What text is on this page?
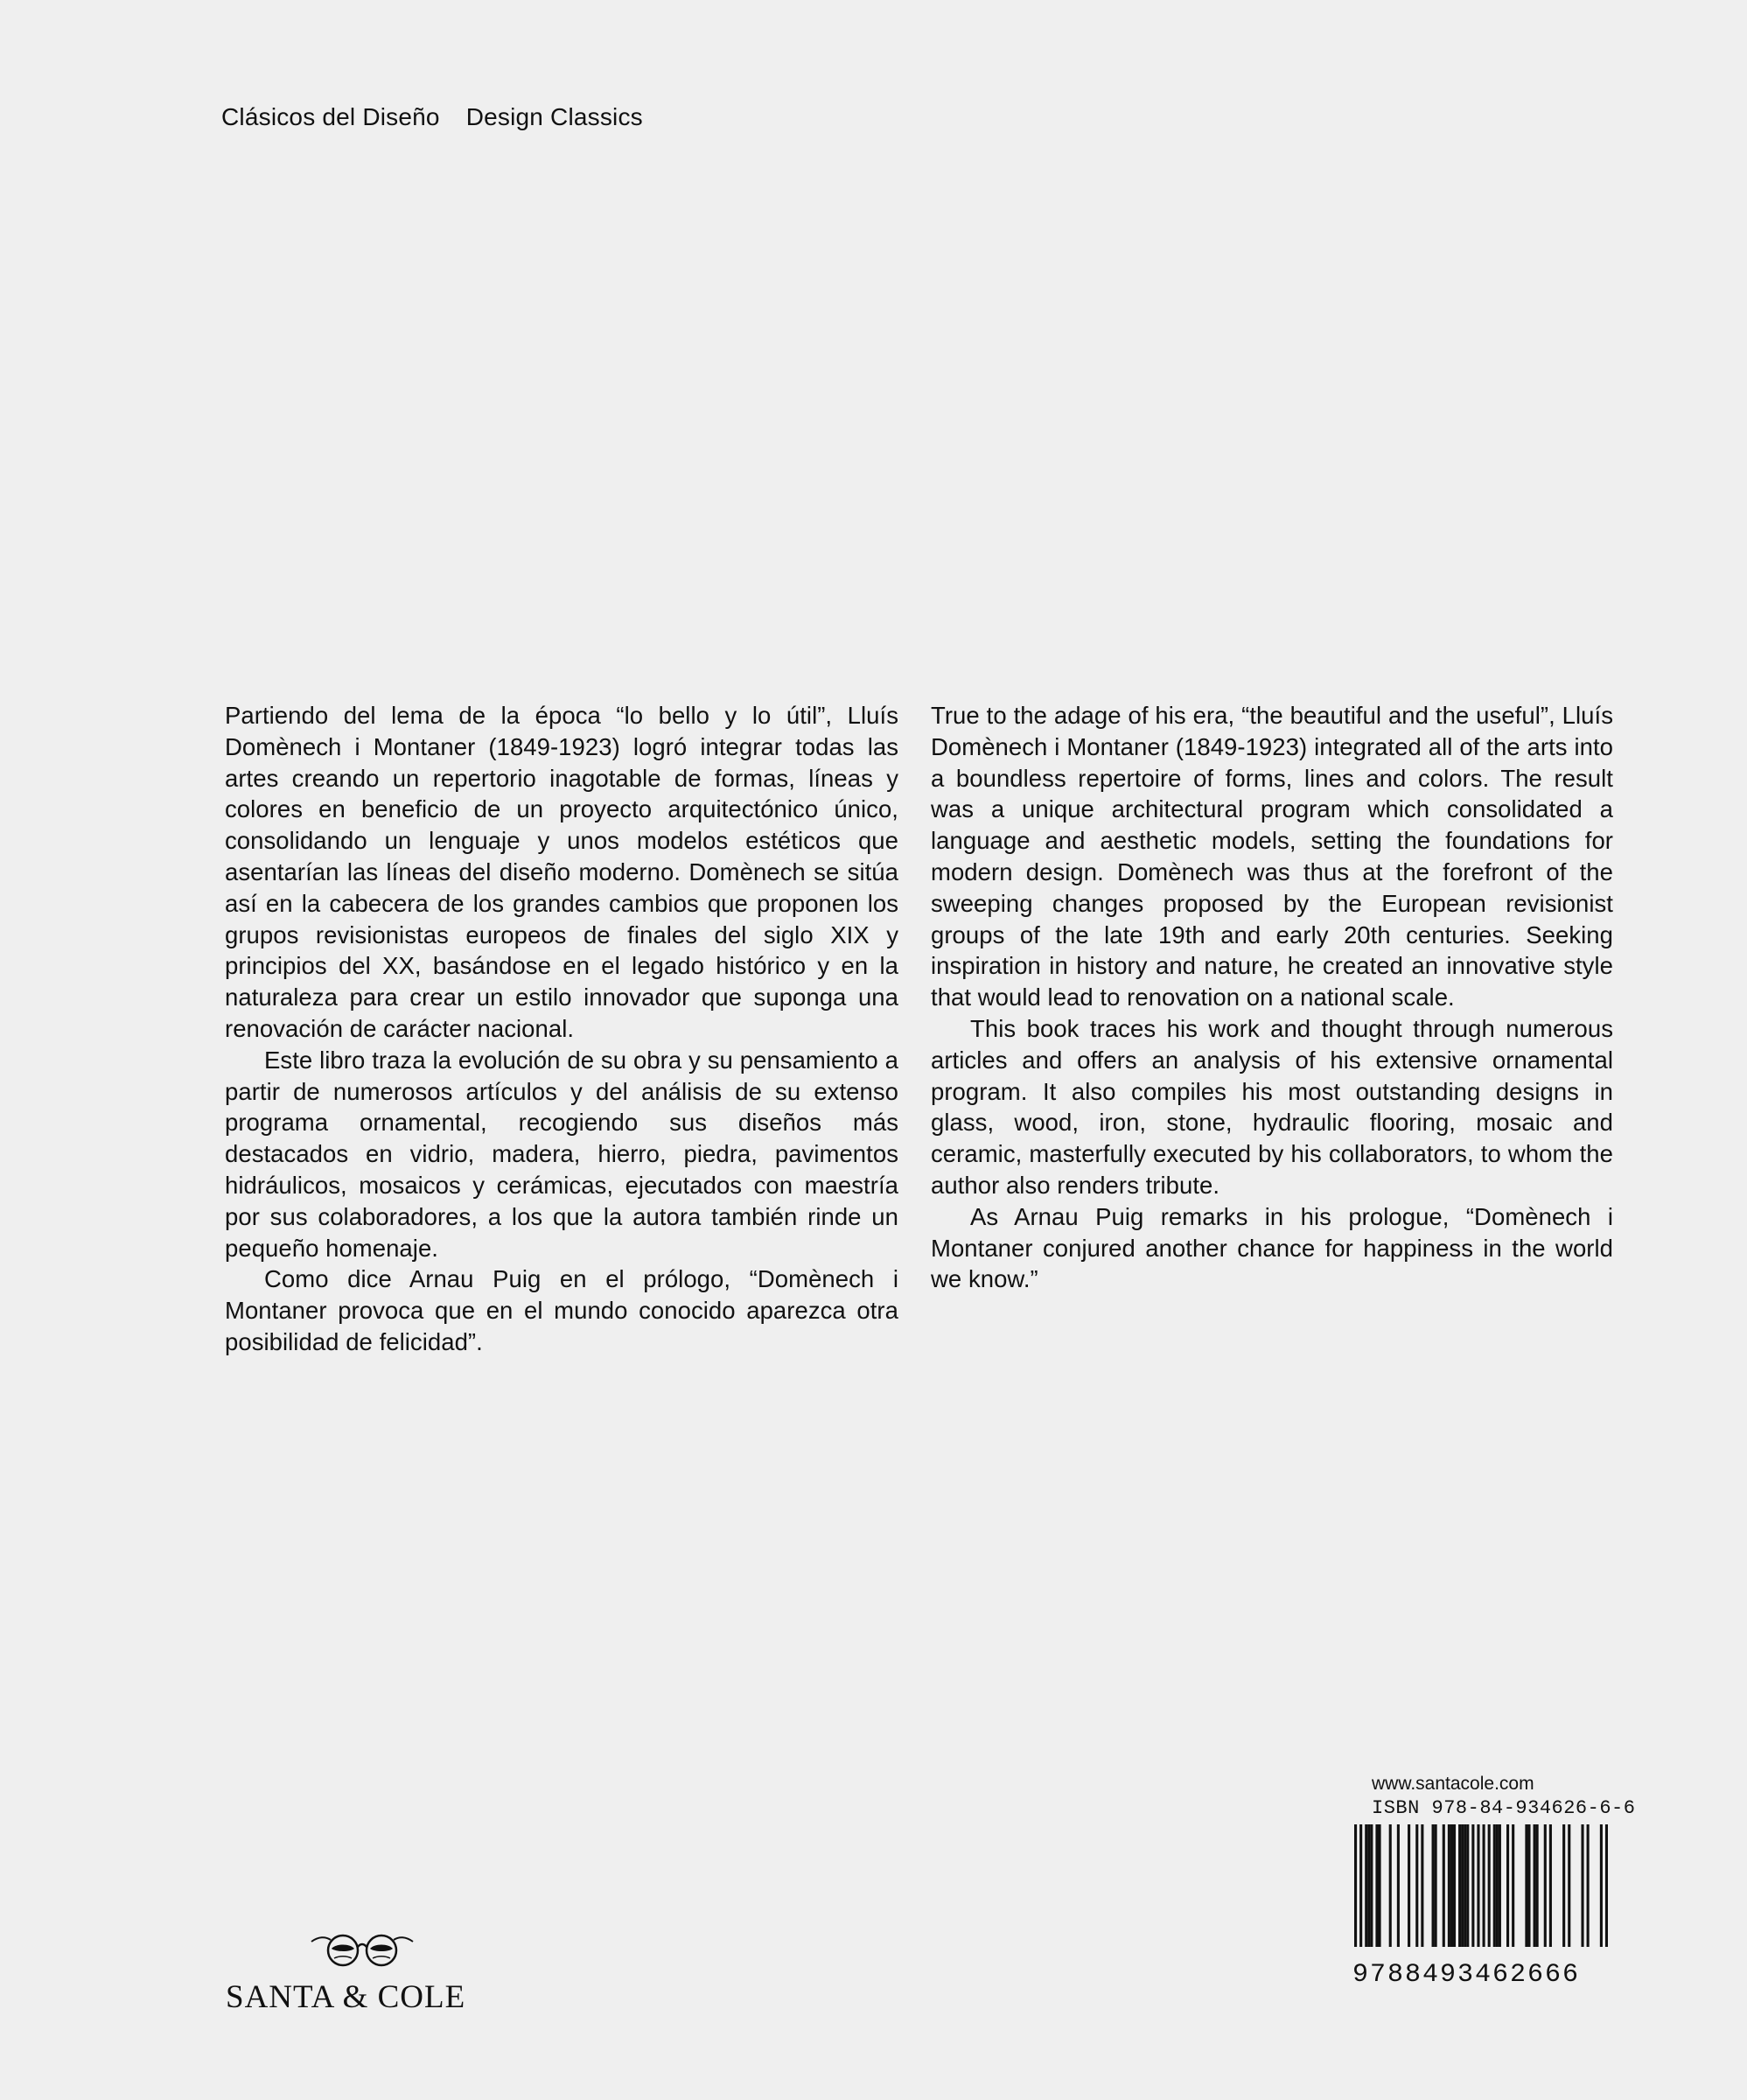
Clásicos del Diseño Design Classics

Partiendo del lema de la época “lo bello y lo útil”, Lluís Domènech i Montaner (1849-1923) logró integrar todas las artes creando un repertorio inagotable de formas, líneas y colores en beneficio de un proyecto arquitectónico único, consolidando un lenguaje y unos modelos estéticos que asentarían las líneas del diseño moderno. Domènech se sitúa así en la cabecera de los grandes cambios que proponen los grupos revisionistas europeos de finales del siglo XIX y principios del XX, basándose en el legado histórico y en la naturaleza para crear un estilo innovador que suponga una renovación de carácter nacional.

Este libro traza la evolución de su obra y su pensamiento a partir de numerosos artículos y del análisis de su extenso programa ornamental, recogiendo sus diseños más destacados en vidrio, madera, hierro, piedra, pavimentos hidráulicos, mosaicos y cerámicas, ejecutados con maestría por sus colaboradores, a los que la autora también rinde un pequeño homenaje.

Como dice Arnau Puig en el prólogo, “Domènech i Montaner provoca que en el mundo conocido aparezca otra posibilidad de felicidad”.

True to the adage of his era, “the beautiful and the useful”, Lluís Domènech i Montaner (1849-1923) integrated all of the arts into a boundless repertoire of forms, lines and colors. The result was a unique architectural program which consolidated a language and aesthetic models, setting the foundations for modern design. Domènech was thus at the forefront of the sweeping changes proposed by the European revisionist groups of the late 19th and early 20th centuries. Seeking inspiration in history and nature, he created an innovative style that would lead to renovation on a national scale.

This book traces his work and thought through numerous articles and offers an analysis of his extensive ornamental program. It also compiles his most outstanding designs in glass, wood, iron, stone, hydraulic flooring, mosaic and ceramic, masterfully executed by his collaborators, to whom the author also renders tribute.

As Arnau Puig remarks in his prologue, “Domènech i Montaner conjured another chance for happiness in the world we know.”

www.santacole.com
ISBN 978-84-934626-6-6
9788493462666
SANTA & COLE
